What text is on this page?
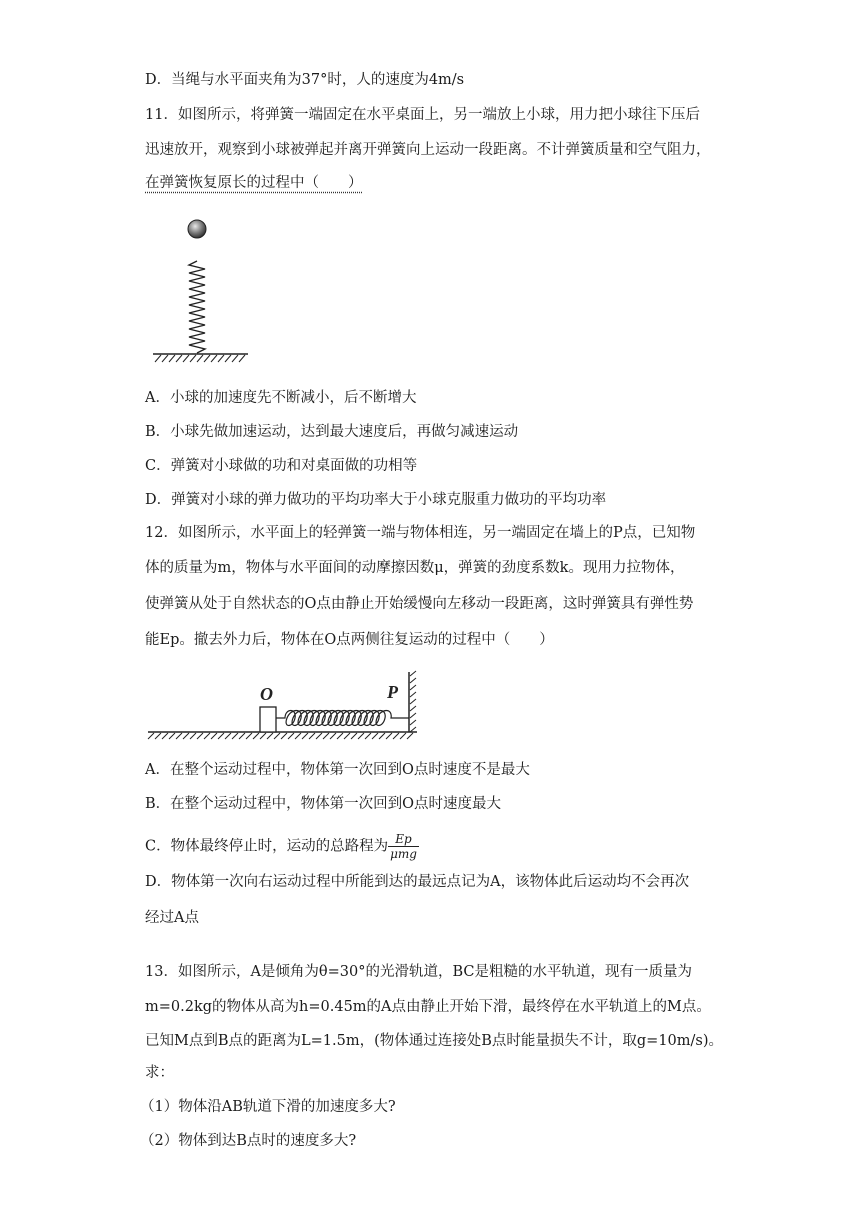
D．当绳与水平面夹角为37°时，人的速度为4m/s
11．如图所示，将弹簧一端固定在水平桌面上，另一端放上小球，用力把小球往下压后
迅速放开，观察到小球被弹起并离开弹簧向上运动一段距离。不计弹簧质量和空气阻力，
在弹簧恢复原长的过程中（　　）
A．小球的加速度先不断减小，后不断增大
B．小球先做加速运动，达到最大速度后，再做匀减速运动
C．弹簧对小球做的功和对桌面做的功相等
D．弹簧对小球的弹力做功的平均功率大于小球克服重力做功的平均功率
12．如图所示，水平面上的轻弹簧一端与物体相连，另一端固定在墙上的P点，已知物
体的质量为m，物体与水平面间的动摩擦因数μ，弹簧的劲度系数k。现用力拉物体，
使弹簧从处于自然状态的O点由静止开始缓慢向左移动一段距离，这时弹簧具有弹性势
能Ep。撤去外力后，物体在O点两侧往复运动的过程中（　　）
O	P
A．在整个运动过程中，物体第一次回到O点时速度不是最大
B．在整个运动过程中，物体第一次回到O点时速度最大
C．物体最终停止时，运动的总路程为 $\frac{Ep}{\text{μmg}}$
D．物体第一次向右运动过程中所能到达的最远点记为A，该物体此后运动均不会再次
经过A点
13．如图所示，A是倾角为θ=30°的光滑轨道，BC是粗糙的水平轨道，现有一质量为
m=0.2kg的物体从高为h=0.45m的A点由静止开始下滑，最终停在水平轨道上的M点。
已知M点到B点的距离为L=1.5m，(物体通过连接处B点时能量损失不计，取g=10m/s)。
求：
（1）物体沿AB轨道下滑的加速度多大?
（2）物体到达B点时的速度多大?
